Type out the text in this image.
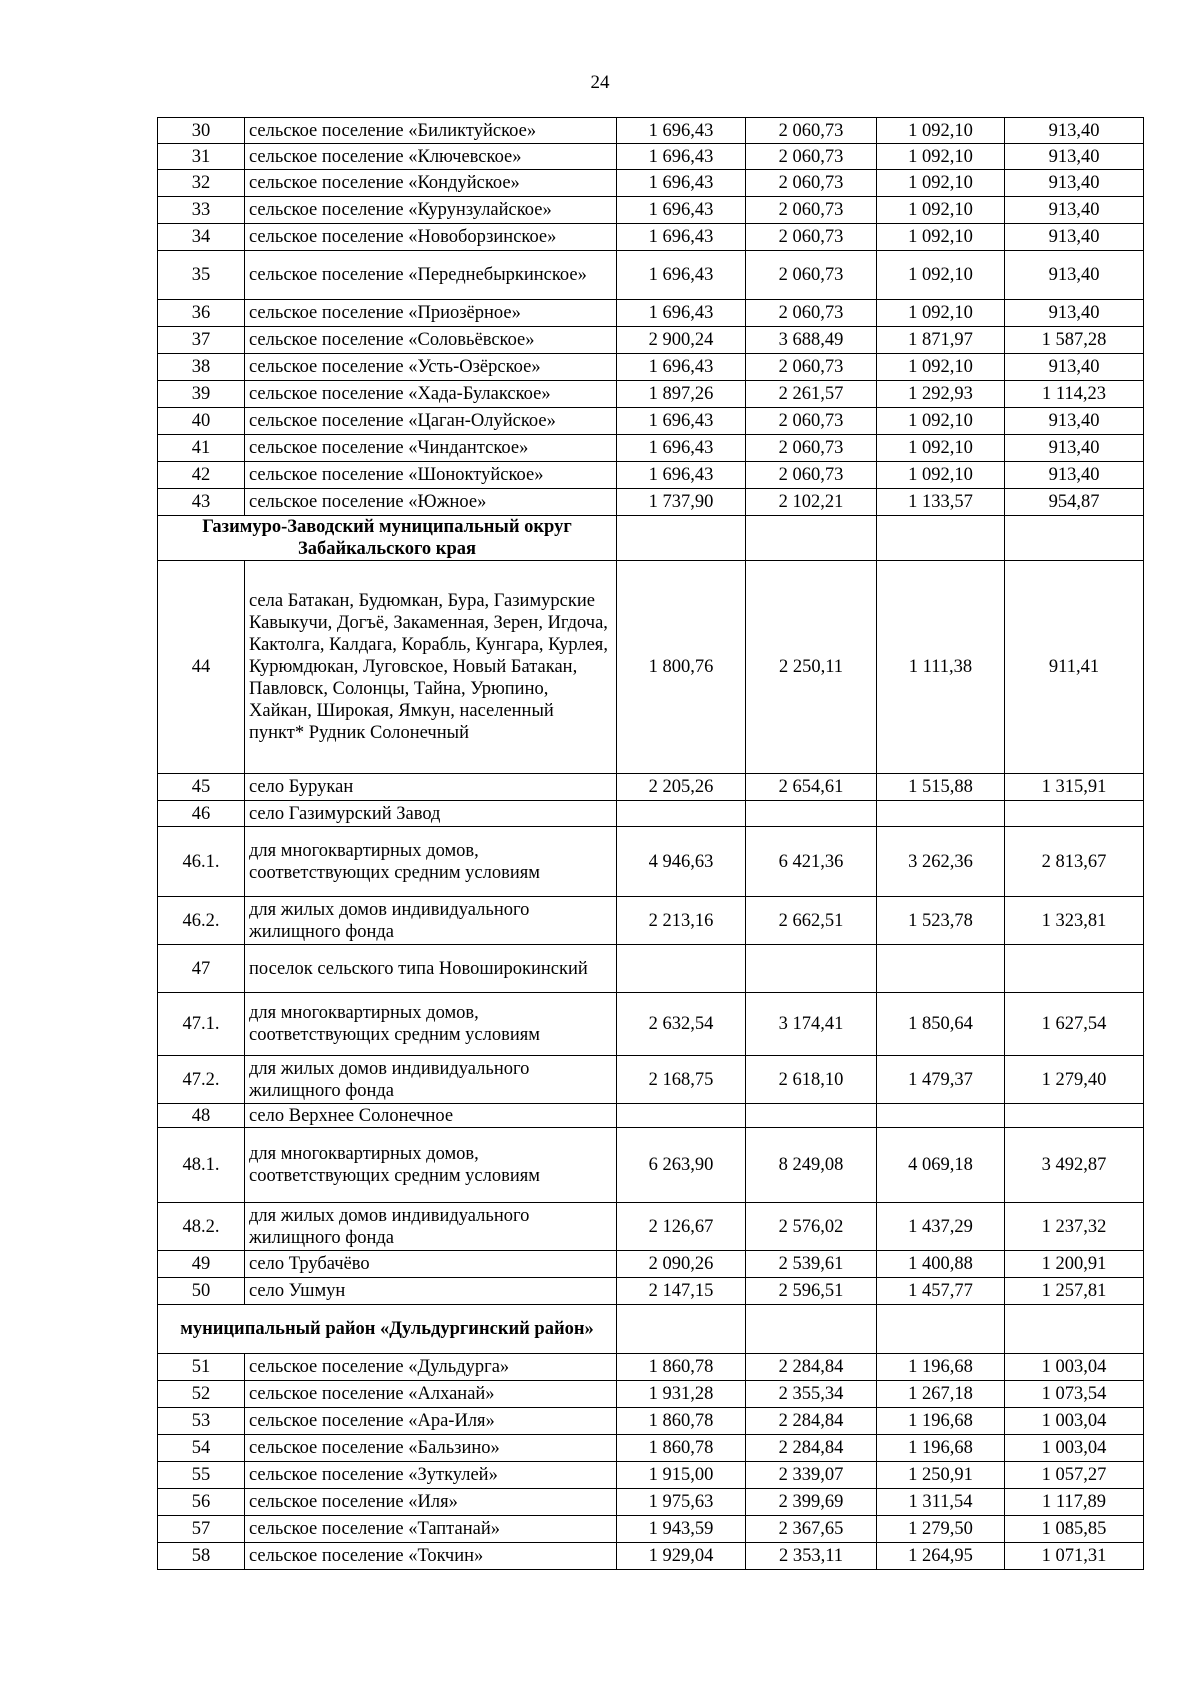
24
30	сельское поселение «Биликтуйское»	1 696,43	2 060,73	1 092,10	913,40
31	сельское поселение «Ключевское»	1 696,43	2 060,73	1 092,10	913,40
32	сельское поселение «Кондуйское»	1 696,43	2 060,73	1 092,10	913,40
33	сельское поселение «Курунзулайское»	1 696,43	2 060,73	1 092,10	913,40
34	сельское поселение «Новоборзинское»	1 696,43	2 060,73	1 092,10	913,40
35	сельское поселение «Переднебыркинское»	1 696,43	2 060,73	1 092,10	913,40
36	сельское поселение «Приозёрное»	1 696,43	2 060,73	1 092,10	913,40
37	сельское поселение «Соловьёвское»	2 900,24	3 688,49	1 871,97	1 587,28
38	сельское поселение «Усть-Озёрское»	1 696,43	2 060,73	1 092,10	913,40
39	сельское поселение «Хада-Булакское»	1 897,26	2 261,57	1 292,93	1 114,23
40	сельское поселение «Цаган-Олуйское»	1 696,43	2 060,73	1 092,10	913,40
41	сельское поселение «Чиндантское»	1 696,43	2 060,73	1 092,10	913,40
42	сельское поселение «Шоноктуйское»	1 696,43	2 060,73	1 092,10	913,40
43	сельское поселение «Южное»	1 737,90	2 102,21	1 133,57	954,87
Газимуро-Заводский муниципальный округ Забайкальского края					
44	села Батакан, Будюмкан, Бура, Газимурские Кавыкучи, Догъё, Закаменная, Зерен, Игдоча, Кактолга, Калдага, Корабль, Кунгара, Курлея, Курюмдюкан, Луговское, Новый Батакан, Павловск, Солонцы, Тайна, Урюпино, Хайкан, Широкая, Ямкун, населенный пункт* Рудник Солонечный	1 800,76	2 250,11	1 111,38	911,41
45	село Бурукан	2 205,26	2 654,61	1 515,88	1 315,91
46	село Газимурский Завод				
46.1.	для многоквартирных домов, соответствующих средним условиям	4 946,63	6 421,36	3 262,36	2 813,67
46.2.	для жилых домов индивидуального жилищного фонда	2 213,16	2 662,51	1 523,78	1 323,81
47	поселок сельского типа Новоширокинский				
47.1.	для многоквартирных домов, соответствующих средним условиям	2 632,54	3 174,41	1 850,64	1 627,54
47.2.	для жилых домов индивидуального жилищного фонда	2 168,75	2 618,10	1 479,37	1 279,40
48	село Верхнее Солонечное				
48.1.	для многоквартирных домов, соответствующих средним условиям	6 263,90	8 249,08	4 069,18	3 492,87
48.2.	для жилых домов индивидуального жилищного фонда	2 126,67	2 576,02	1 437,29	1 237,32
49	село Трубачёво	2 090,26	2 539,61	1 400,88	1 200,91
50	село Ушмун	2 147,15	2 596,51	1 457,77	1 257,81
муниципальный район «Дульдургинский район»					
51	сельское поселение «Дульдурга»	1 860,78	2 284,84	1 196,68	1 003,04
52	сельское поселение «Алханай»	1 931,28	2 355,34	1 267,18	1 073,54
53	сельское поселение «Ара-Иля»	1 860,78	2 284,84	1 196,68	1 003,04
54	сельское поселение «Бальзино»	1 860,78	2 284,84	1 196,68	1 003,04
55	сельское поселение «Зуткулей»	1 915,00	2 339,07	1 250,91	1 057,27
56	сельское поселение «Иля»	1 975,63	2 399,69	1 311,54	1 117,89
57	сельское поселение «Таптанай»	1 943,59	2 367,65	1 279,50	1 085,85
58	сельское поселение «Токчин»	1 929,04	2 353,11	1 264,95	1 071,31
